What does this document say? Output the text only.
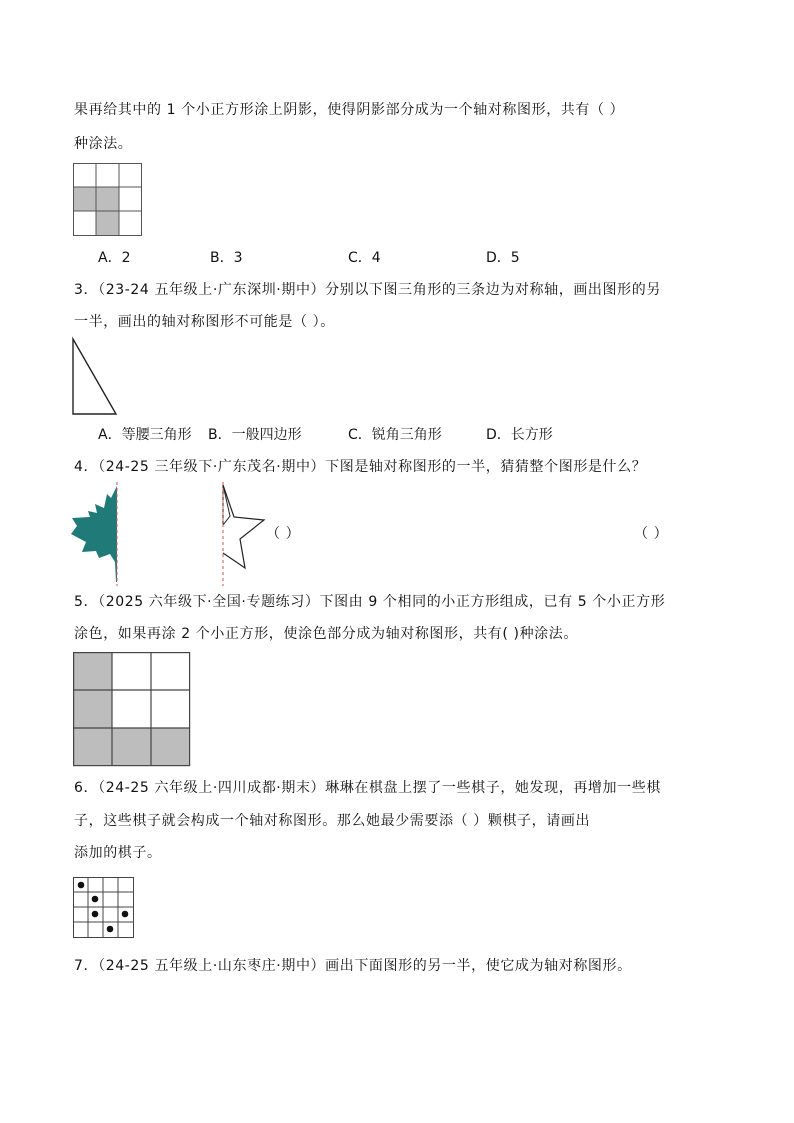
果再给其中的 1 个小正方形涂上阴影，使得阴影部分成为一个轴对称图形，共有（ ）
种涂法。
A．2	B．3	C．4	D．5
3．（23-24 五年级上·广东深圳·期中）分别以下图三角形的三条边为对称轴，画出图形的另
一半，画出的轴对称图形不可能是（ ）。
A．等腰三角形 B．一般四边形	C．锐角三角形	D．长方形
4．（24-25 三年级下·广东茂名·期中）下图是轴对称图形的一半，猜猜整个图形是什么？
（ ）	（ ）
5．（2025 六年级下·全国·专题练习）下图由 9 个相同的小正方形组成，已有 5 个小正方形
涂色，如果再涂 2 个小正方形，使涂色部分成为轴对称图形，共有( )种涂法。
6．（24-25 六年级上·四川成都·期末）琳琳在棋盘上摆了一些棋子，她发现，再增加一些棋
子，这些棋子就会构成一个轴对称图形。那么她最少需要添（ ）颗棋子，请画出
添加的棋子。
7．（24-25 五年级上·山东枣庄·期中）画出下面图形的另一半，使它成为轴对称图形。
